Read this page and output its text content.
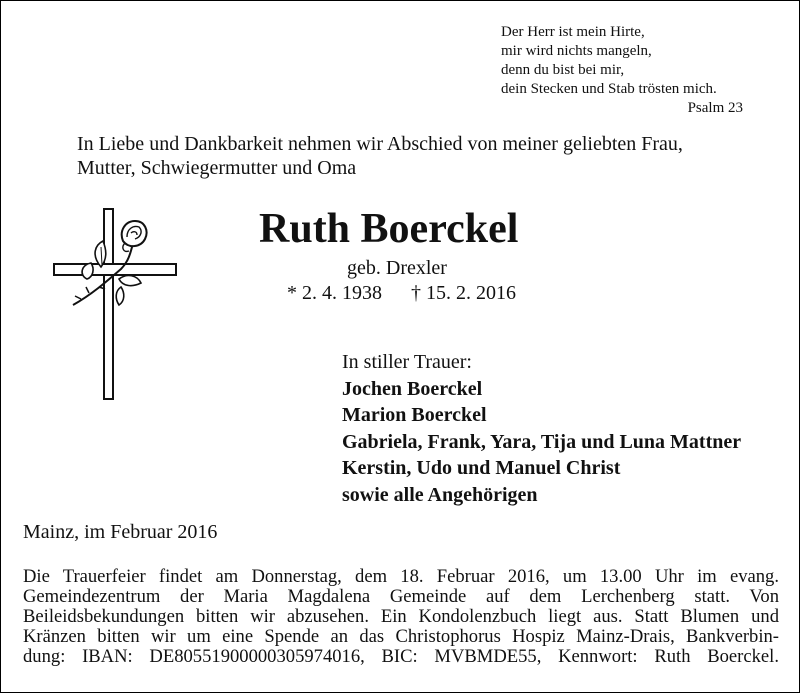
Der Herr ist mein Hirte,
mir wird nichts mangeln,
denn du bist bei mir,
dein Stecken und Stab trösten mich.
Psalm 23
In Liebe und Dankbarkeit nehmen wir Abschied von meiner geliebten Frau,
Mutter, Schwiegermutter und Oma
Ruth Boerckel
geb. Drexler
* 2. 4. 1938 † 15. 2. 2016
In stiller Trauer:
Jochen Boerckel
Marion Boerckel
Gabriela, Frank, Yara, Tija und Luna Mattner
Kerstin, Udo und Manuel Christ
sowie alle Angehörigen
Mainz, im Februar 2016
Die Trauerfeier findet am Donnerstag, dem 18. Februar 2016, um 13.00 Uhr im evang.
Gemeindezentrum der Maria Magdalena Gemeinde auf dem Lerchenberg statt. Von
Beileidsbekundungen bitten wir abzusehen. Ein Kondolenzbuch liegt aus. Statt Blumen und
Kränzen bitten wir um eine Spende an das Christophorus Hospiz Mainz-Drais, Bankverbin-
dung: IBAN: DE80551900000305974016, BIC: MVBMDE55, Kennwort: Ruth Boerckel.
